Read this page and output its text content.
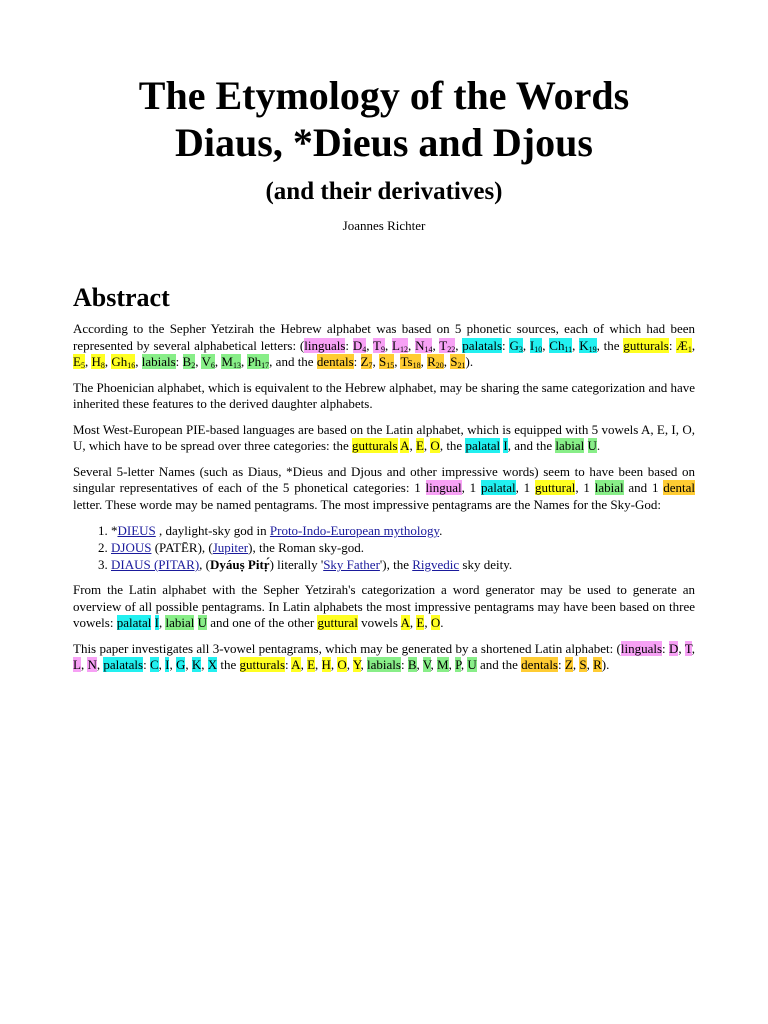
The Etymology of the Words
Diaus, *Dieus and Djous
(and their derivatives)
Joannes Richter
Abstract

According to the Sepher Yetzirah the Hebrew alphabet was based on 5 phonetic sources, each of which had been represented by several alphabetical letters: (linguals: $D_4$, $T_9$, $L_{12}$, $N_{14}$, $T_{22}$, palatals: $G_3$, $I_{10}$, $Ch_{11}$, $K_{19}$, the gutturals: $Æ_1$, $E_5$, $H_8$, $Gh_{16}$, labials: $B_2$, $V_6$, $M_{13}$, $Ph_{17}$, and the dentals: $Z_7$, $S_{15}$, $Ts_{18}$, $R_{20}$, $S_{21}$).

The Phoenician alphabet, which is equivalent to the Hebrew alphabet, may be sharing the same categorization and have inherited these features to the derived daughter alphabets.

Most West-European PIE-based languages are based on the Latin alphabet, which is equipped with 5 vowels A, E, I, O, U, which have to be spread over three categories: the gutturals A, E, O, the palatal I, and the labial U.

Several 5-letter Names (such as Diaus, *Dieus and Djous and other impressive words) seem to have been based on singular representatives of each of the 5 phonetical categories: 1 lingual, 1 palatal, 1 guttural, 1 labial and 1 dental letter. These worde may be named pentagrams. The most impressive pentagrams are the Names for the Sky-God:

1. *DIEUS , daylight-sky god in Proto-Indo-European mythology.
2. DJOUS (PATĒR), (Jupiter), the Roman sky-god.
3. DIAUS (PITAR), (Dyáuṣ Pitṛ́) literally 'Sky Father'), the Rigvedic sky deity.

From the Latin alphabet with the Sepher Yetzirah's categorization a word generator may be used to generate an overview of all possible pentagrams. In Latin alphabets the most impressive pentagrams may have been based on three vowels: palatal I, labial U and one of the other guttural vowels A, E, O.

This paper investigates all 3-vowel pentagrams, which may be generated by a shortened Latin alphabet: (linguals: D, T, L, N, palatals: C, I, G, K, X the gutturals: A, E, H, O, Y, labials: B, V, M, P, U and the dentals: Z, S, R).
